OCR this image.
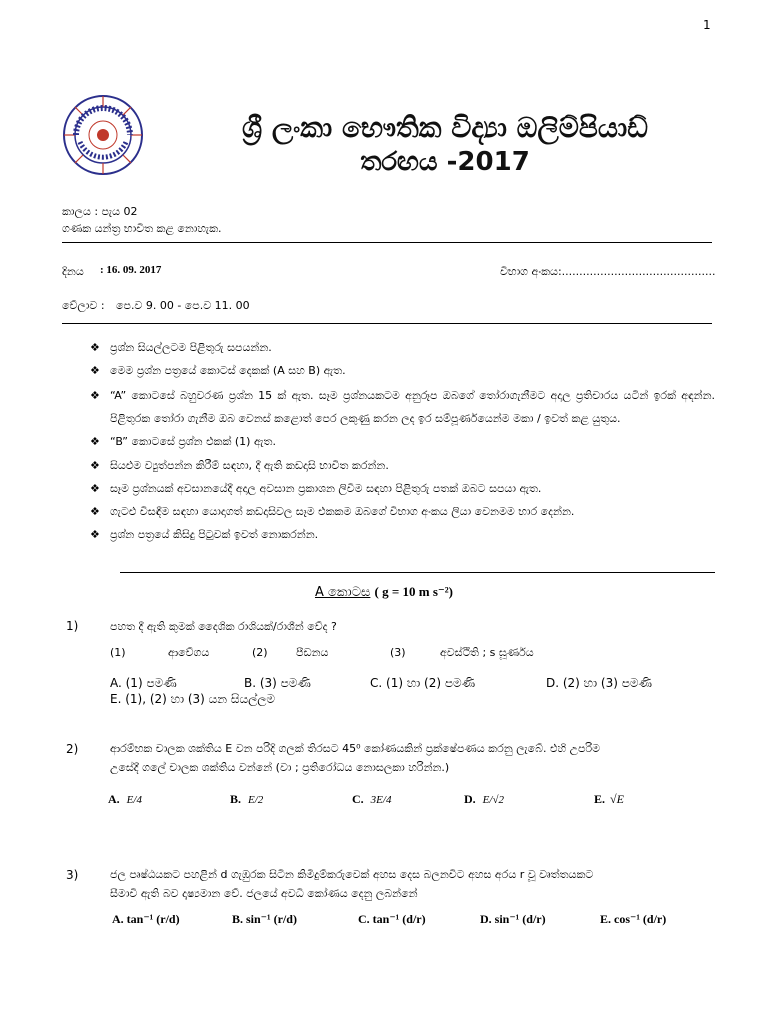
1
ශ්‍රී ලංකා භෞතික විද්‍යා ඔලිම්පියාඩ්
තරඟය -2017
කාලය : පැය 02
ගණක යන්ත්‍ර භාවිත කළ නොහැක.
දිනය : 16. 09. 2017	විභාග අංකය:............................................
වේලාව : පෙ.ව 9. 00 - පෙ.ව 11. 00

❖ ප්‍රශ්න සියල්ලටම පිළිතුරු සපයන්න.

❖ මෙම ප්‍රශ්න පත්‍රයේ කොටස් දෙකක් (A සහ B) ඇත.

❖ “A” කොටසේ බහුවරණ ප්‍රශ්න 15 ක් ඇත. සෑම ප්‍රශ්නයකටම අනුරූප ඔබගේ තෝරාගැනීමට අදාල ප්‍රතිචාරය යටින් ඉරක් අඳන්න. පිළිතුරක තෝරා ගැනීම ඔබ වෙනස් කළොත් පෙර ලකුණු කරන ලද ඉර සම්පූර්ණයෙන්ම මකා / ඉවත් කළ යුතුය.

❖ “B” කොටසේ ප්‍රශ්න එකක් (1) ඇත.

❖ සියළුම ව්‍යුත්පන්න කිරීම් සඳහා, දී ඇති කඩදාසි භාවිත කරන්න.

❖ සෑම ප්‍රශ්නයක් අවසානයේදී අදාල අවසාන ප්‍රකාශන ලිවීම සඳහා පිළිතුරු පතක් ඔබට සපයා ඇත.

❖ ගැටළු විසඳීම සඳහා යොදාගත් කඩදාසිවල සෑම එකකම ඔබගේ විභාග අංකය ලියා වෙනමම භාර දෙන්න.

❖ ප්‍රශ්න පත්‍රයේ කිසිදු පිටුවක් ඉවත් නොකරන්න.

A කොටස ( g = 10 m s⁻²)
1)	පහත දී ඇති කුමක් දෛශික රාශියක්/රාශීන් වේද ?
(1)	ආවේගය	(2)	පීඩනය	(3)	අවස්ථිති ; s ඝූර්ණය
A. (1) පමණි	B. (3) පමණි	C. (1) හා (2) පමණි	D. (2) හා (3) පමණි
E. (1), (2) හා (3) යන සියල්ලම
2)	ආරම්භක චාලක ශක්තිය E වන පරිදි ගලක් තිරසට 45⁰ කෝණයකින් ප්‍රක්ෂේපණය කරනු ලැබේ. එහි උපරිම
උසේදී ගලේ චාලක ශක්තිය වන්නේ (වා ; ප්‍රතිරෝධය නොසලකා හරින්න.)
A. E/4	B. E/2	C. 3E/4	D. E/√2	E. √E
3)	ජල පෘෂ්ඨයකට පහළින් d ගැඹුරක සිටින කිමිදුම්කරුවෙක් අහස දෙස බලනවිට අහස අරය r වූ වෘත්තයකට
සීමාවී ඇති බව දෘෂ්‍යමාන වේ. ජලයේ අවධි කෝණය දෙනු ලබන්නේ
A. tan⁻¹ (r/d)	B. sin⁻¹ (r/d)	C. tan⁻¹ (d/r)	D. sin⁻¹ (d/r)	E. cos⁻¹ (d/r)
